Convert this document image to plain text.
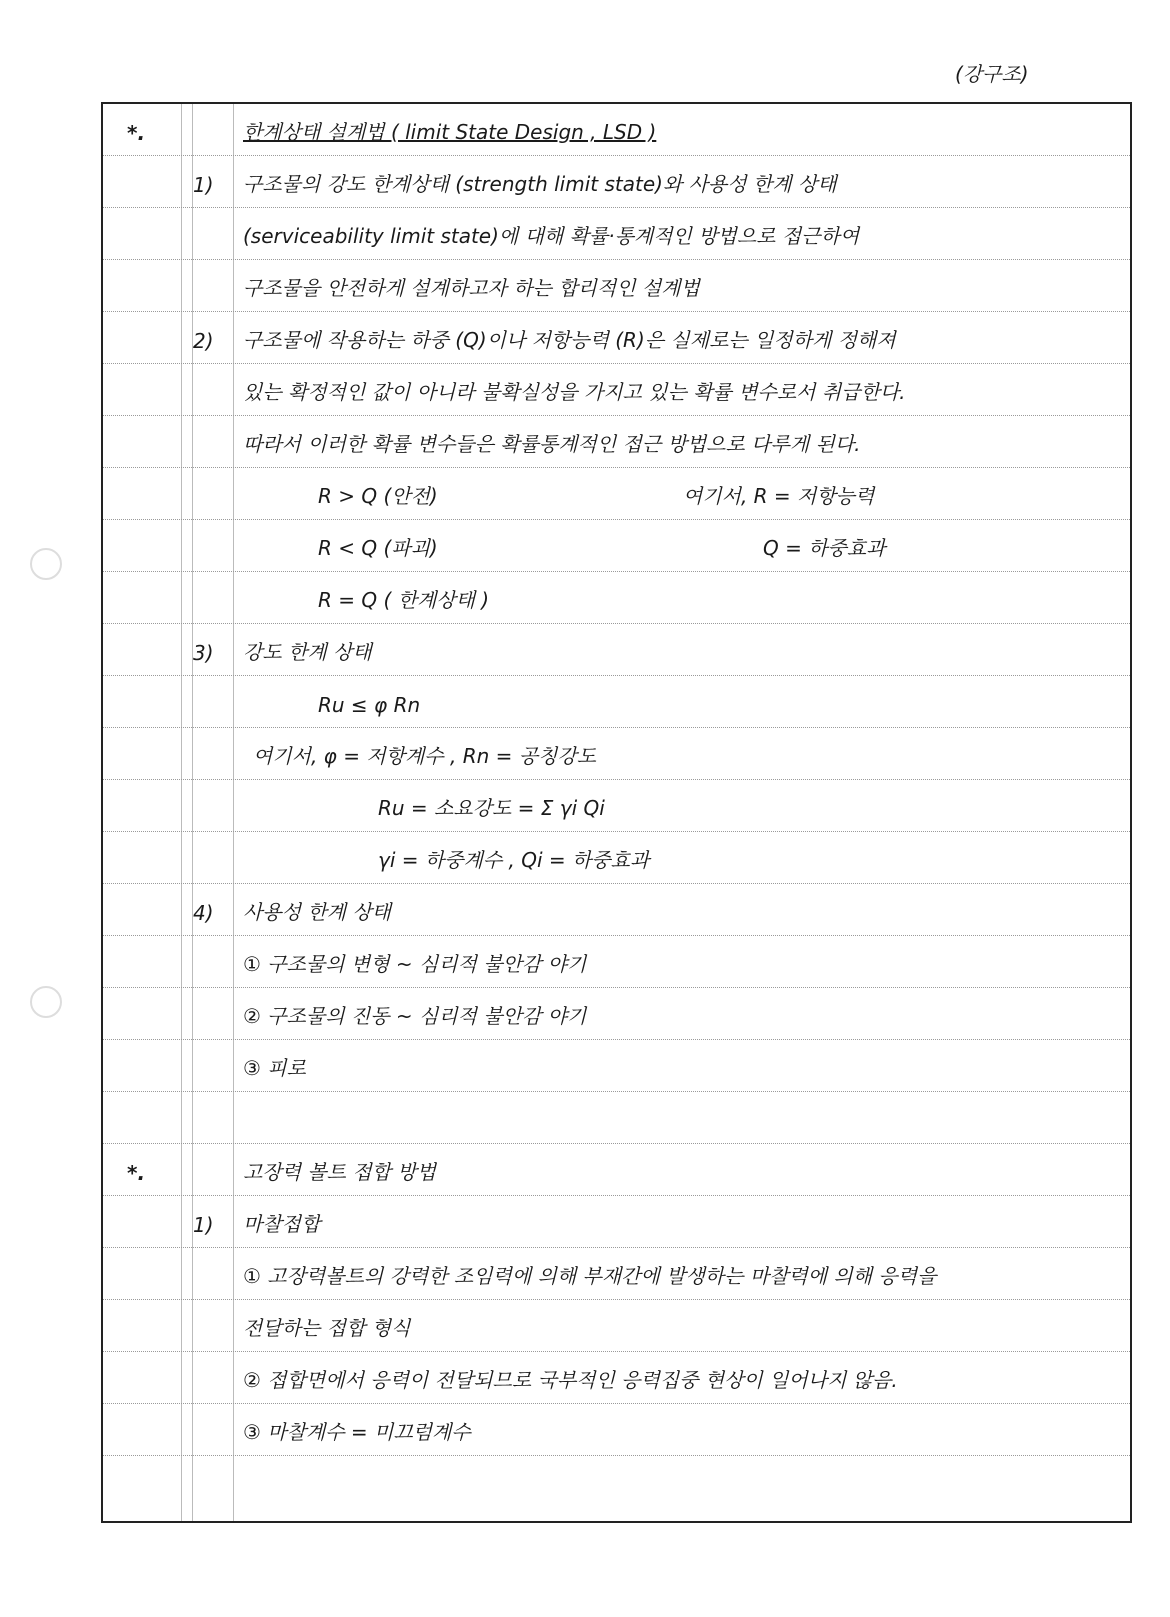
(강구조)
*.	한계상태 설계법 ( limit State Design , LSD )
1) 구조물의 강도 한계상태 (strength limit state)와 사용성 한계 상태
(serviceability limit state)에 대해 확률·통계적인 방법으로 접근하여
구조물을 안전하게 설계하고자 하는 합리적인 설계법
2) 구조물에 작용하는 하중 (Q)이나 저항능력 (R)은 실제로는 일정하게 정해져
있는 확정적인 값이 아니라 불확실성을 가지고 있는 확률 변수로서 취급한다.
따라서 이러한 확률 변수들은 확률통계적인 접근 방법으로 다루게 된다.
R > Q (안전)	여기서, R = 저항능력
R < Q (파괴)	Q = 하중효과
R = Q ( 한계상태 )
3) 강도 한계 상태
Ru ≤ φ Rn
여기서, φ = 저항계수 , Rn = 공칭강도
Ru = 소요강도 = Σ γi Qi
γi = 하중계수 , Qi = 하중효과
4) 사용성 한계 상태
① 구조물의 변형 ~ 심리적 불안감 야기
② 구조물의 진동 ~ 심리적 불안감 야기
③ 피로
*.	고장력 볼트 접합 방법
1) 마찰접합
① 고장력볼트의 강력한 조임력에 의해 부재간에 발생하는 마찰력에 의해 응력을
전달하는 접합 형식
② 접합면에서 응력이 전달되므로 국부적인 응력집중 현상이 일어나지 않음.
③ 마찰계수 = 미끄럼계수
